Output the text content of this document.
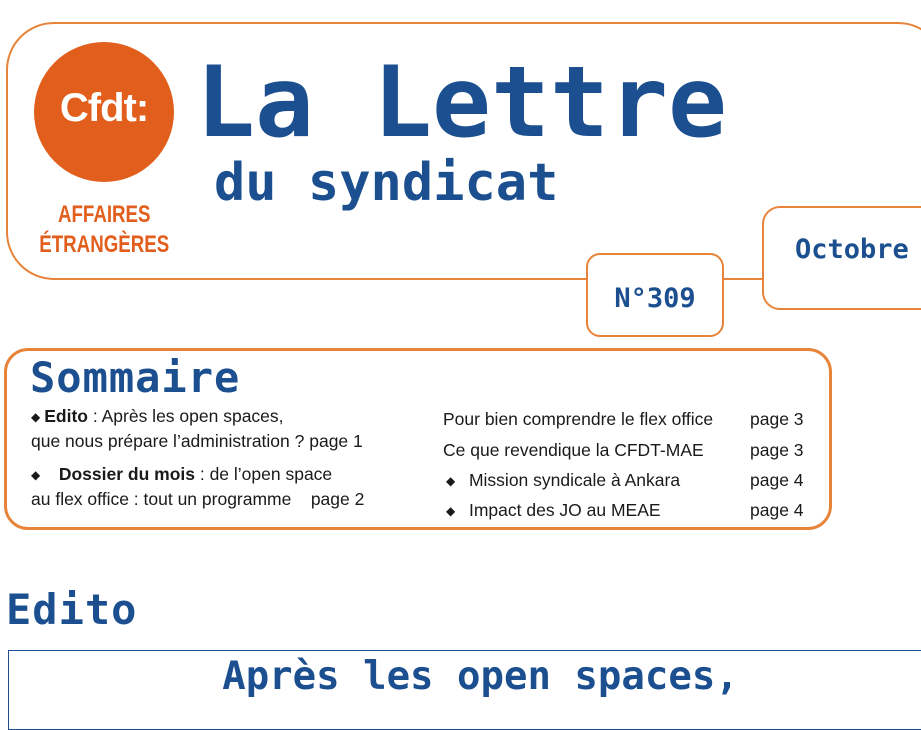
Cfdt:
AFFAIRES
ÉTRANGÈRES
La Lettre
du syndicat
Octobre
N°309
Sommaire
◆ Edito : Après les open spaces,
que nous prépare l’administration ? page 1
◆ Dossier du mois : de l’open space
au flex office : tout un programme    page 2
Pour bien comprendre le flex office page 3
Ce que revendique la CFDT-MAE	page 3
◆ Mission syndicale à Ankara	page 4
◆ Impact des JO au MEAE	page 4
Edito
Après les open spaces,
